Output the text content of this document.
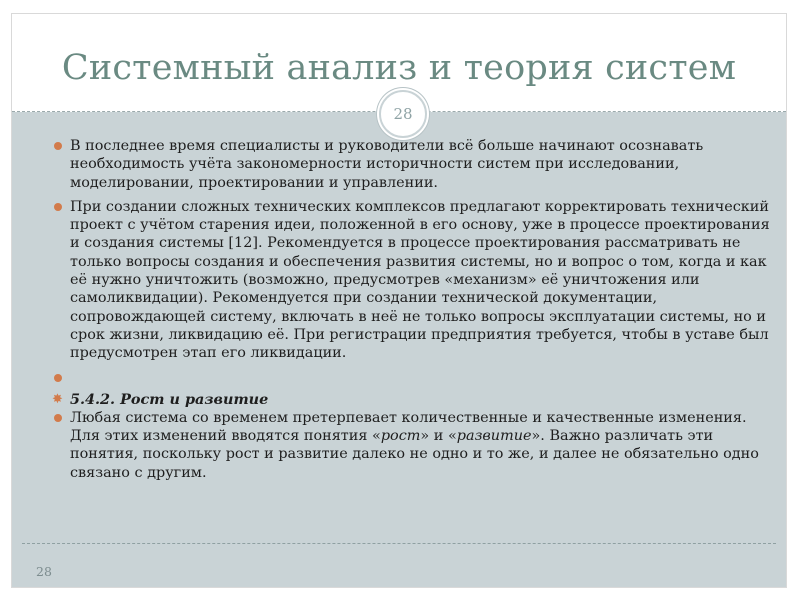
Системный анализ и теория систем
28
В последнее время специалисты и руководители всё больше начинают осознавать необходимость учёта закономерности историчности систем при исследовании, моделировании, проектировании и управлении.
При создании сложных технических комплексов предлагают корректировать технический проект с учётом старения идеи, положенной в его основу, уже в процессе проектирования и создания системы [12]. Рекомендуется в процессе проектирования рассматривать не только вопросы создания и обеспечения развития системы, но и вопрос о том, когда и как её нужно уничтожить (возможно, предусмотрев «механизм» её уничтожения или самоликвидации). Рекомендуется при создании технической документации, сопровождающей систему, включать в неё не только вопросы эксплуатации системы, но и срок жизни, ликвидацию её. При регистрации предприятия требуется, чтобы в уставе был предусмотрен этап его ликвидации.
✸ 5.4.2. Рост и развитие
Любая система со временем претерпевает количественные и качественные изменения. Для этих изменений вводятся понятия «рост» и «развитие». Важно различать эти понятия, поскольку рост и развитие далеко не одно и то же, и далее не обязательно одно связано с другим.
28
